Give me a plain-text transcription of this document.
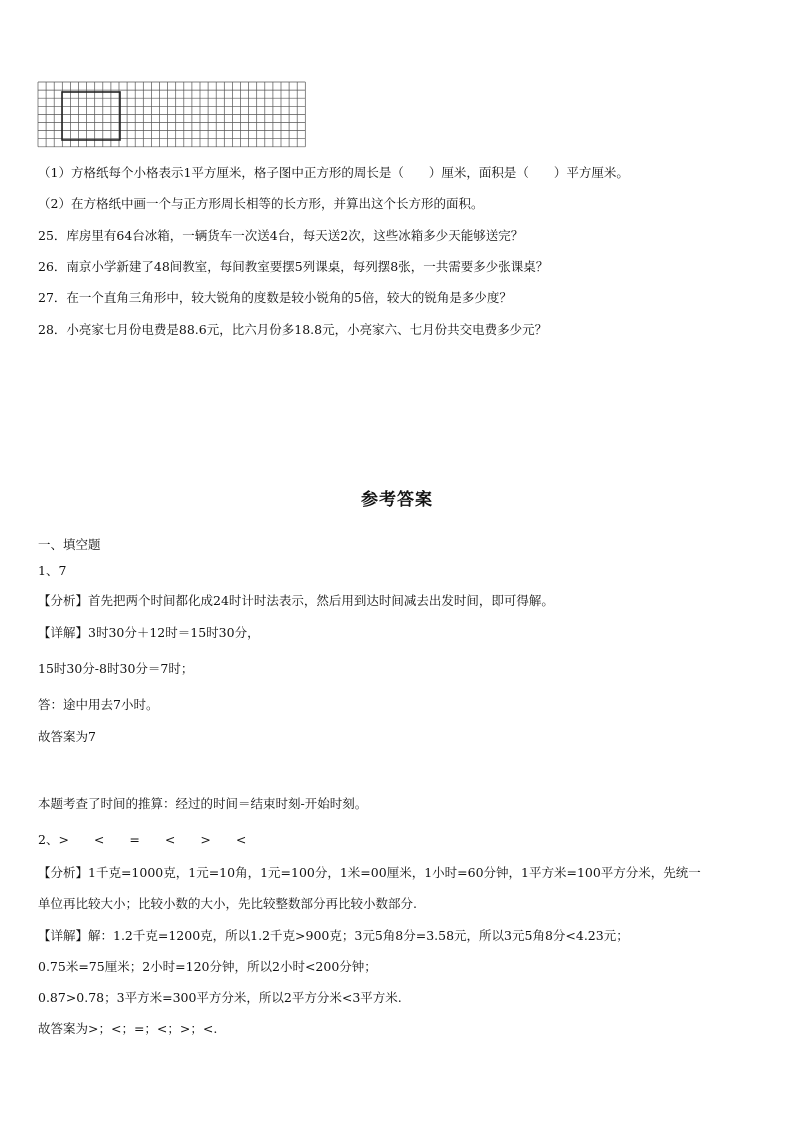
（1）方格纸每个小格表示1平方厘米，格子图中正方形的周长是（　　）厘米，面积是（　　）平方厘米。
（2）在方格纸中画一个与正方形周长相等的长方形，并算出这个长方形的面积。
25．库房里有64台冰箱，一辆货车一次送4台，每天送2次，这些冰箱多少天能够送完？
26．南京小学新建了48间教室，每间教室要摆5列课桌，每列摆8张，一共需要多少张课桌？
27．在一个直角三角形中，较大锐角的度数是较小锐角的5倍，较大的锐角是多少度？
28．小亮家七月份电费是88.6元，比六月份多18.8元，小亮家六、七月份共交电费多少元？
参考答案
一、填空题
1、7
【分析】首先把两个时间都化成24时计时法表示，然后用到达时间减去出发时间，即可得解。
【详解】3时30分＋12时＝15时30分，
15时30分-8时30分＝7时；
答：途中用去7小时。
故答案为7
本题考查了时间的推算：经过的时间＝结束时刻-开始时刻。
2、>　　<　　=　　<　　>　　<
【分析】1千克=1000克，1元=10角，1元=100分，1米=00厘米，1小时=60分钟，1平方米=100平方分米，先统一
单位再比较大小；比较小数的大小，先比较整数部分再比较小数部分.
【详解】解：1.2千克=1200克，所以1.2千克>900克；3元5角8分=3.58元，所以3元5角8分<4.23元；
0.75米=75厘米；2小时=120分钟，所以2小时<200分钟；
0.87>0.78；3平方米=300平方分米，所以2平方分米<3平方米.
故答案为>；<；=；<；>；<.
